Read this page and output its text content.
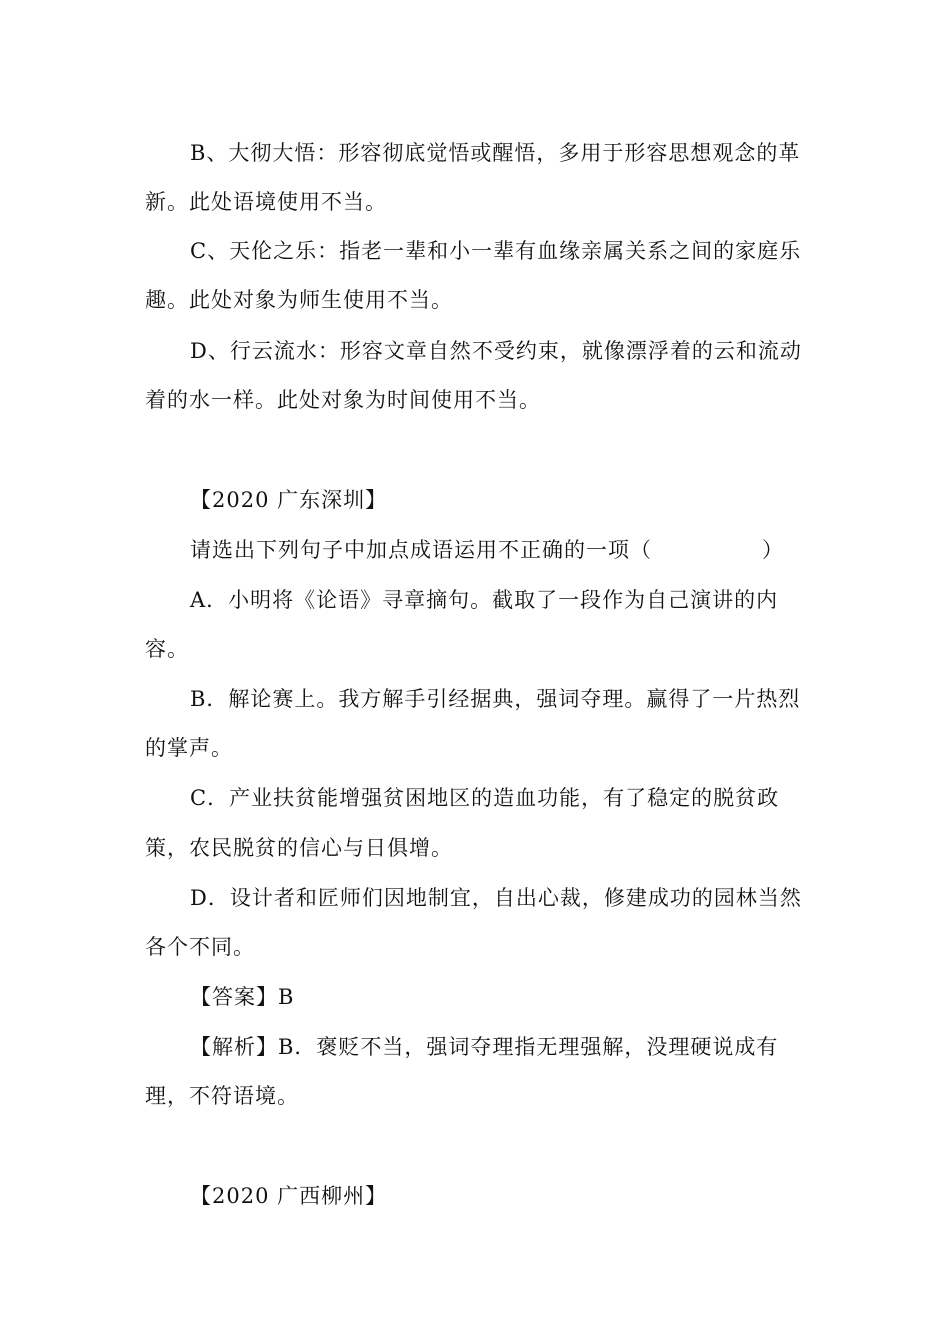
B、大彻大悟：形容彻底觉悟或醒悟，多用于形容思想观念的革
新。此处语境使用不当。
C、天伦之乐：指老一辈和小一辈有血缘亲属关系之间的家庭乐
趣。此处对象为师生使用不当。
D、行云流水：形容文章自然不受约束，就像漂浮着的云和流动
着的水一样。此处对象为时间使用不当。
【2020 广东深圳】
请选出下列句子中加点成语运用不正确的一项（　　　　　）
A．小明将《论语》寻章摘句。截取了一段作为自己演讲的内
容。
B．解论赛上。我方解手引经据典，强词夺理。赢得了一片热烈
的掌声。
C．产业扶贫能增强贫困地区的造血功能，有了稳定的脱贫政
策，农民脱贫的信心与日俱增。
D．设计者和匠师们因地制宜，自出心裁，修建成功的园林当然
各个不同。
【答案】B
【解析】B．褒贬不当，强词夺理指无理强解，没理硬说成有
理，不符语境。
【2020 广西柳州】
